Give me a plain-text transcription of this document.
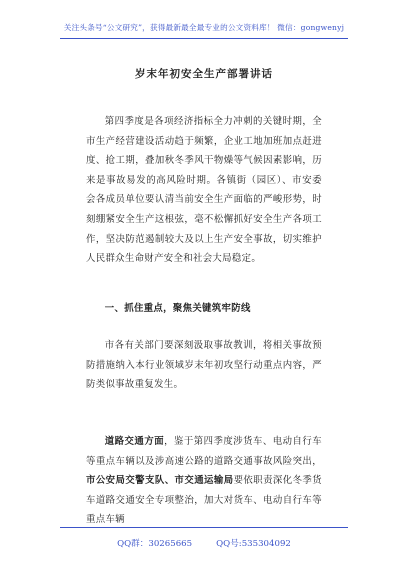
关注头条号“公文研究”，获得最新最全最专业的公文资料库！ 微信：gongwenyj
岁末年初安全生产部署讲话

第四季度是各项经济指标全力冲刺的关键时期，全市生产经营建设活动趋于频繁，企业工地加班加点赶进度、抢工期，叠加秋冬季风干物燥等气候因素影响，历来是事故易发的高风险时期。各镇街（园区）、市安委会各成员单位要认清当前安全生产面临的严峻形势，时刻绷紧安全生产这根弦，毫不松懈抓好安全生产各项工作，坚决防范遏制较大及以上生产安全事故，切实维护人民群众生命财产安全和社会大局稳定。

一、抓住重点，聚焦关键筑牢防线

市各有关部门要深刻汲取事故教训，将相关事故预防措施纳入本行业领域岁末年初攻坚行动重点内容，严防类似事故重复发生。

道路交通方面，鉴于第四季度涉货车、电动自行车等重点车辆以及涉高速公路的道路交通事故风险突出，市公安局交警支队、市交通运输局要依职责深化冬季货车道路交通安全专项整治，加大对货车、电动自行车等重点车辆

QQ群：30265665	QQ号:535304092
